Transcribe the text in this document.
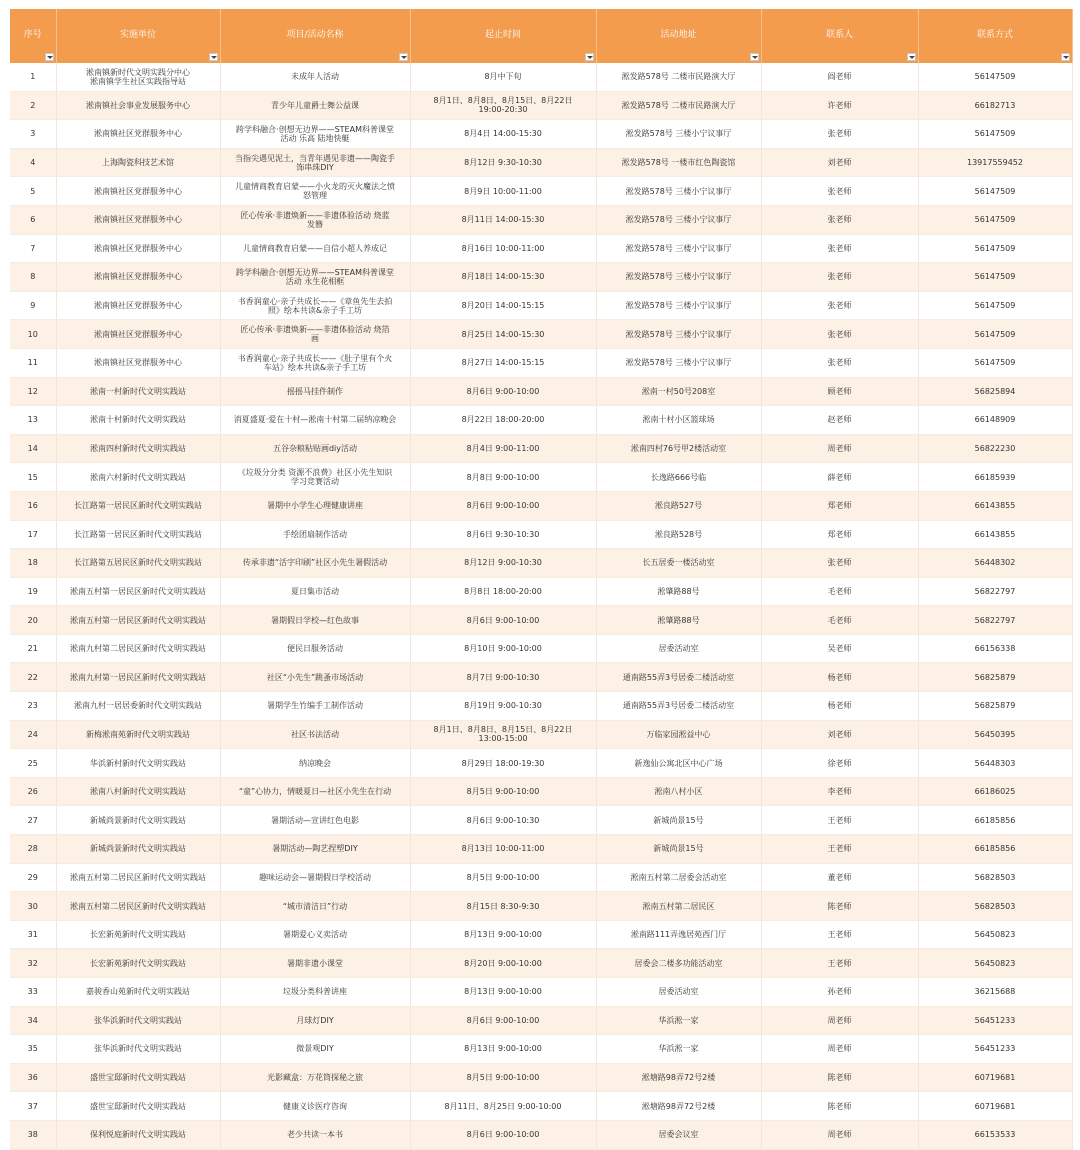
序号	实施单位	项目/活动名称	起止时间	活动地址	联系人	联系方式

1	淞南镇新时代文明实践分中心
淞南镇学生社区实践指导站	未成年人活动	8月中下旬	淞发路578号 二楼市民路演大厅	阎老师	56147509
2	淞南镇社会事业发展服务中心	青少年儿童爵士舞公益课	8月1日、8月8日、8月15日、8月22日
19:00-20:30	淞发路578号 二楼市民路演大厅	许老师	66182713
3	淞南镇社区党群服务中心	跨学科融合·创想无边界——STEAM科普课堂
活动 乐高 陆地快艇	8月4日 14:00-15:30	淞发路578号 三楼小宁议事厅	张老师	56147509
4	上海陶瓷科技艺术馆	当指尖遇见泥土，当青年遇见非遗——陶瓷手
饰串珠DIY	8月12日 9:30-10:30	淞发路578号 一楼市红色陶瓷馆	刘老师	13917559452
5	淞南镇社区党群服务中心	儿童情商教育启蒙——小火龙的灭火魔法之愤
怒管理	8月9日 10:00-11:00	淞发路578号 三楼小宁议事厅	张老师	56147509
6	淞南镇社区党群服务中心	匠心传承·非遗焕新——非遗体验活动 烧蓝
发簪	8月11日 14:00-15:30	淞发路578号 三楼小宁议事厅	张老师	56147509
7	淞南镇社区党群服务中心	儿童情商教育启蒙——自信小超人养成记	8月16日 10:00-11:00	淞发路578号 三楼小宁议事厅	张老师	56147509
8	淞南镇社区党群服务中心	跨学科融合·创想无边界——STEAM科普课堂
活动 永生花相框	8月18日 14:00-15:30	淞发路578号 三楼小宁议事厅	张老师	56147509
9	淞南镇社区党群服务中心	书香润童心·亲子共成长——《章鱼先生去拍
照》绘本共读&亲子手工坊	8月20日 14:00-15:15	淞发路578号 三楼小宁议事厅	张老师	56147509
10	淞南镇社区党群服务中心	匠心传承·非遗焕新——非遗体验活动 烧箔
画	8月25日 14:00-15:30	淞发路578号 三楼小宁议事厅	张老师	56147509
11	淞南镇社区党群服务中心	书香润童心·亲子共成长——《肚子里有个火
车站》绘本共读&亲子手工坊	8月27日 14:00-15:15	淞发路578号 三楼小宁议事厅	张老师	56147509
12	淞南一村新时代文明实践站	摇摇马挂件制作	8月6日 9:00-10:00	淞南一村50号208室	顾老师	56825894
13	淞南十村新时代文明实践站	消夏盛夏·爱在十村—淞南十村第二届纳凉晚会	8月22日 18:00-20:00	淞南十村小区篮球场	赵老师	66148909
14	淞南四村新时代文明实践站	五谷杂粮粘贴画diy活动	8月4日 9:00-11:00	淞南四村76号甲2楼活动室	周老师	56822230
15	淞南六村新时代文明实践站	《垃圾分分类 资源不浪费》社区小先生知识
学习竞赛活动	8月8日 9:00-10:00	长逸路666号临	薛老师	66185939
16	长江路第一居民区新时代文明实践站	暑期中小学生心理健康讲座	8月6日 9:00-10:00	淞良路527号	郑老师	66143855
17	长江路第一居民区新时代文明实践站	手绘团扇制作活动	8月6日 9:30-10:30	淞良路528号	郑老师	66143855
18	长江路第五居民区新时代文明实践站	传承非遗“活字印刷”社区小先生暑假活动	8月12日 9:00-10:30	长五居委一楼活动室	张老师	56448302
19	淞南五村第一居民区新时代文明实践站	夏日集市活动	8月8日 18:00-20:00	淞肇路88号	毛老师	56822797
20	淞南五村第一居民区新时代文明实践站	暑期假日学校—红色故事	8月6日 9:00-10:00	淞肇路88号	毛老师	56822797
21	淞南九村第二居民区新时代文明实践站	便民日服务活动	8月10日 9:00-10:00	居委活动室	吴老师	66156338
22	淞南九村第一居民区新时代文明实践站	社区“小先生”跳蚤市场活动	8月7日 9:00-10:30	通南路55弄3号居委二楼活动室	杨老师	56825879
23	淞南九村一居居委新时代文明实践站	暑期学生竹编手工制作活动	8月19日 9:00-10:30	通南路55弄3号居委二楼活动室	杨老师	56825879
24	新梅淞南苑新时代文明实践站	社区书法活动	8月1日、8月8日、8月15日、8月22日
13:00-15:00	万临家园淞益中心	刘老师	56450395
25	华浜新村新时代文明实践站	纳凉晚会	8月29日 18:00-19:30	新逸仙公寓北区中心广场	徐老师	56448303
26	淞南八村新时代文明实践站	“童”心协力，情暖夏日—社区小先生在行动	8月5日 9:00-10:00	淞南八村小区	李老师	66186025
27	新城尚景新时代文明实践站	暑期活动—宣讲红色电影	8月6日 9:00-10:30	新城尚景15号	王老师	66185856
28	新城尚景新时代文明实践站	暑期活动—陶艺捏塑DIY	8月13日 10:00-11:00	新城尚景15号	王老师	66185856
29	淞南五村第二居民区新时代文明实践站	趣味运动会—暑期假日学校活动	8月5日 9:00-10:00	淞南五村第二居委会活动室	董老师	56828503
30	淞南五村第二居民区新时代文明实践站	“城市清洁日”行动	8月15日 8:30-9:30	淞南五村第二居民区	陈老师	56828503
31	长宏新苑新时代文明实践站	暑期爱心义卖活动	8月13日 9:00-10:00	淞南路111弄逸居苑西门厅	王老师	56450823
32	长宏新苑新时代文明实践站	暑期非遗小课堂	8月20日 9:00-10:00	居委会二楼多功能活动室	王老师	56450823
33	嘉骏香山苑新时代文明实践站	垃圾分类科普讲座	8月13日 9:00-10:00	居委活动室	孙老师	36215688
34	张华浜新时代文明实践站	月球灯DIY	8月6日 9:00-10:00	华浜淞一家	周老师	56451233
35	张华浜新时代文明实践站	微景观DIY	8月13日 9:00-10:00	华浜淞一家	周老师	56451233
36	盛世宝邸新时代文明实践站	光影藏盒：万花筒探秘之旅	8月5日 9:00-10:00	淞塘路98弄72号2楼	陈老师	60719681
37	盛世宝邸新时代文明实践站	健康义诊医疗咨询	8月11日、8月25日 9:00-10:00	淞塘路98弄72号2楼	陈老师	60719681
38	保利悦庭新时代文明实践站	老少共读一本书	8月6日 9:00-10:00	居委会议室	周老师	66153533
